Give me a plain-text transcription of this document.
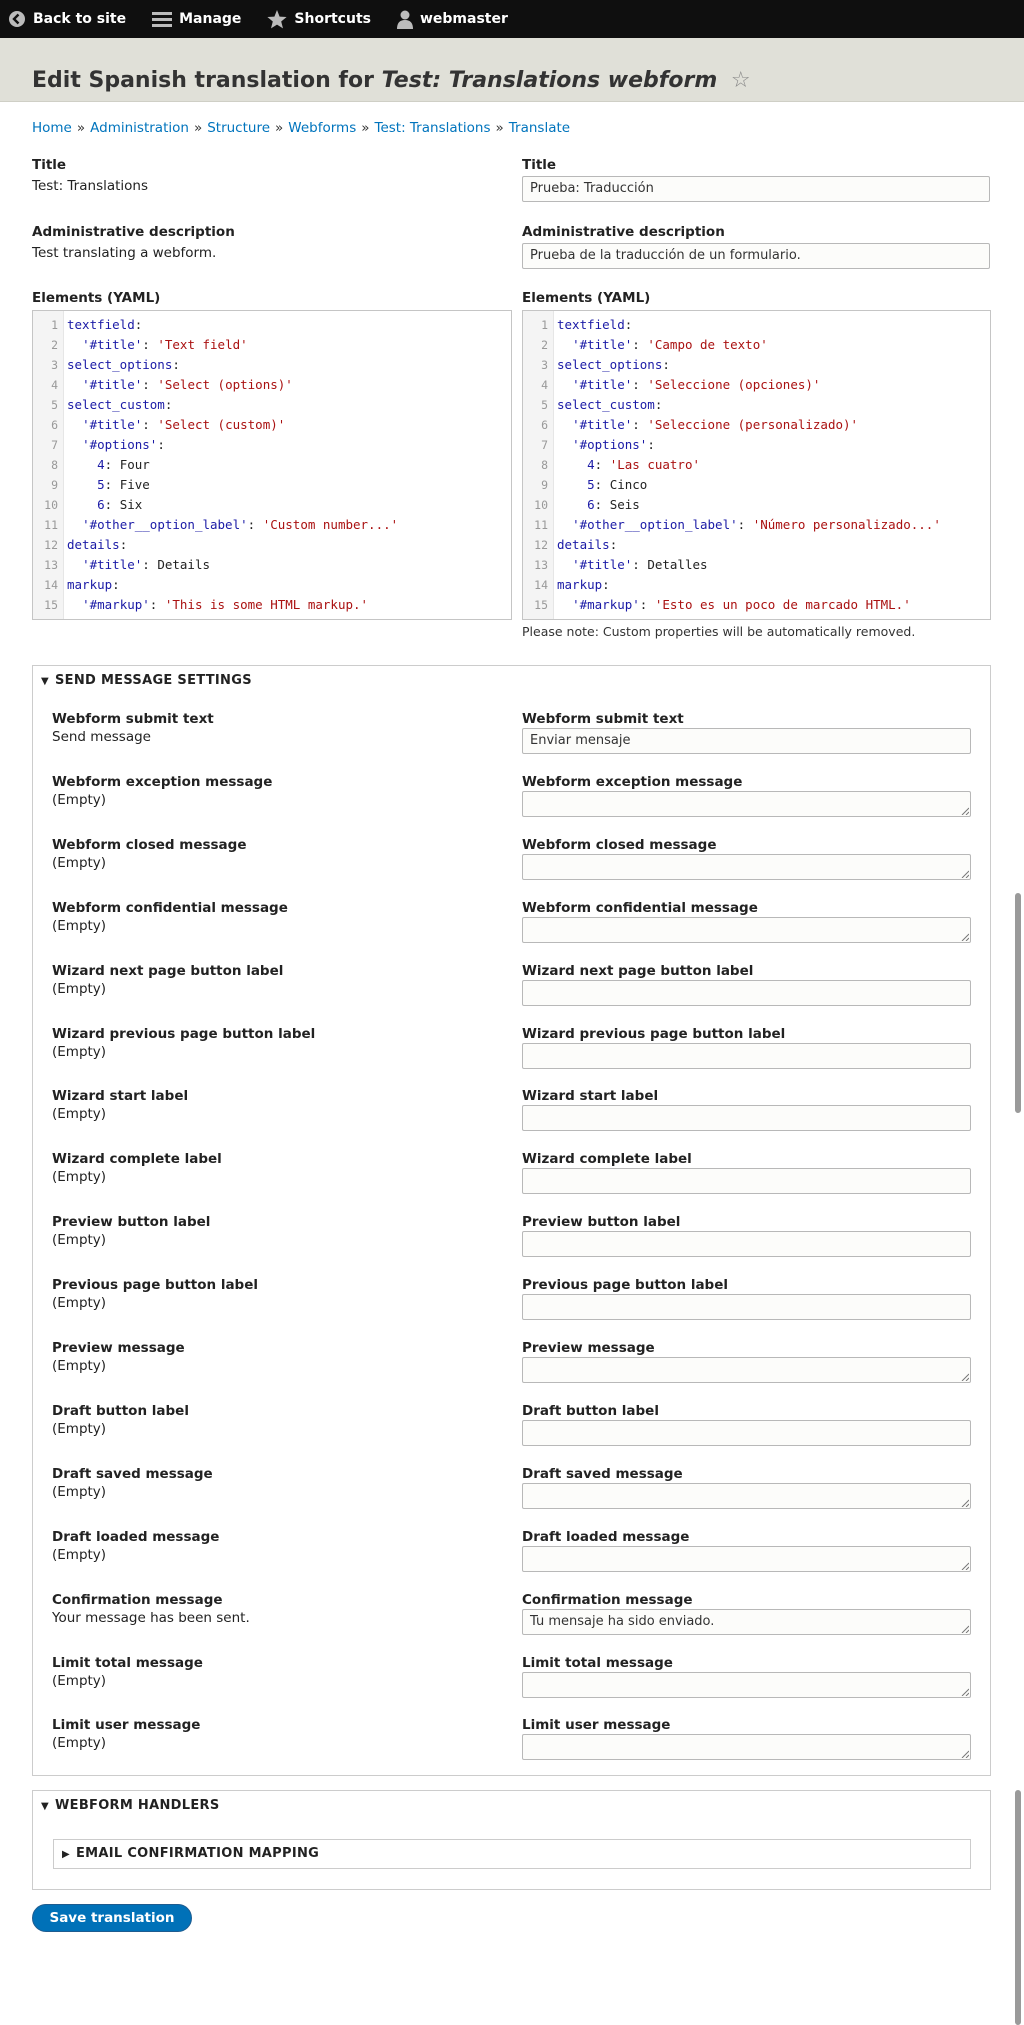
Back to site	Manage	Shortcuts	webmaster
Edit Spanish translation for Test: Translations webform ☆
Home » Administration » Structure » Webforms » Test: Translations » Translate
Title
Test: Translations
Title
Prueba: Traducción
Administrative description
Test translating a webform.
Administrative description
Prueba de la traducción de un formulario.
Elements (YAML)	Elements (YAML)
1 textfield:
2	'#title': 'Text field'
3 select_options:
4	'#title': 'Select (options)'
5 select_custom:
6	'#title': 'Select (custom)'
7	'#options':
8	4: Four
9	5: Five
10	6: Six
11	'#other__option_label': 'Custom number...'
12 details:
13	'#title': Details
14 markup:
15	'#markup': 'This is some HTML markup.'
1 textfield:
2	'#title': 'Campo de texto'
3 select_options:
4	'#title': 'Seleccione (opciones)'
5 select_custom:
6	'#title': 'Seleccione (personalizado)'
7	'#options':
8	4: 'Las cuatro'
9	5: Cinco
10	6: Seis
11	'#other__option_label': 'Número personalizado...'
12 details:
13	'#title': Detalles
14 markup:
15	'#markup': 'Esto es un poco de marcado HTML.'
Please note: Custom properties will be automatically removed.
▼ SEND MESSAGE SETTINGS
Webform submit text
Send message
Webform submit text
Enviar mensaje
Webform exception message
(Empty)
Webform exception message
Webform closed message
(Empty)
Webform closed message
Webform confidential message
(Empty)
Webform confidential message
Wizard next page button label
(Empty)
Wizard next page button label
Wizard previous page button label
(Empty)
Wizard previous page button label
Wizard start label
(Empty)
Wizard start label
Wizard complete label
(Empty)
Wizard complete label
Preview button label
(Empty)
Preview button label
Previous page button label
(Empty)
Previous page button label
Preview message
(Empty)
Preview message
Draft button label
(Empty)
Draft button label
Draft saved message
(Empty)
Draft saved message
Draft loaded message
(Empty)
Draft loaded message
Confirmation message
Your message has been sent.
Confirmation message
Tu mensaje ha sido enviado.
Limit total message
(Empty)
Limit total message
Limit user message
(Empty)
Limit user message
▼ WEBFORM HANDLERS
▶ EMAIL CONFIRMATION MAPPING
Save translation
